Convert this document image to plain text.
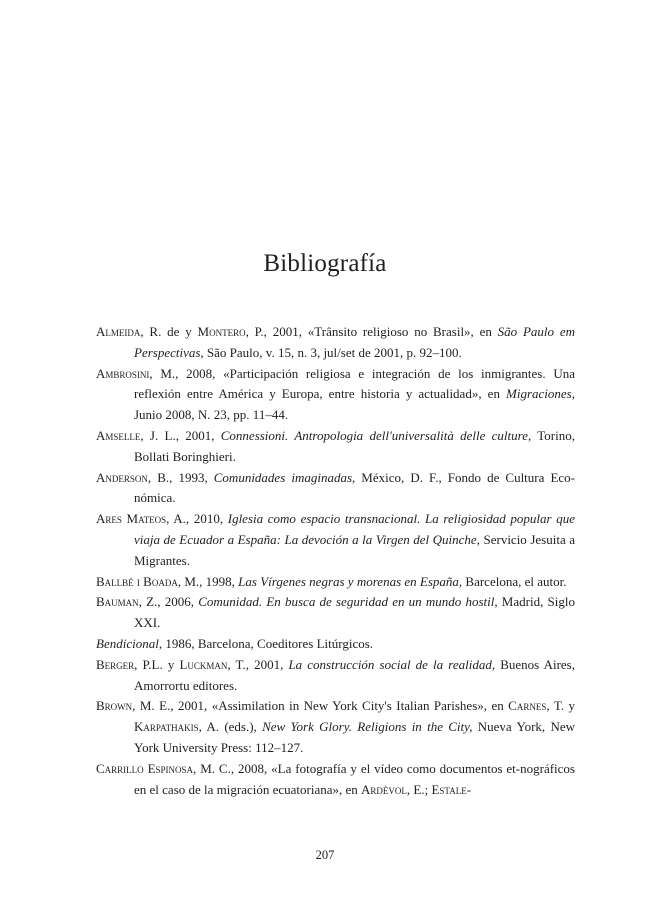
Bibliografía

Almeida, R. de y Montero, P., 2001, «Trânsito religioso no Brasil», en São Paulo em Perspectivas, São Paulo, v. 15, n. 3, jul/set de 2001, p. 92–100.

Ambrosini, M., 2008, «Participación religiosa e integración de los inmigrantes. Una reflexión entre América y Europa, entre historia y actualidad», en Migraciones, Junio 2008, N. 23, pp. 11–44.

Amselle, J. L., 2001, Connessioni. Antropologia dell'universalità delle culture, Torino, Bollati Boringhieri.

Anderson, B., 1993, Comunidades imaginadas, México, D. F., Fondo de Cultura Eco-nómica.

Ares Mateos, A., 2010, Iglesia como espacio transnacional. La religiosidad popular que viaja de Ecuador a España: La devoción a la Virgen del Quinche, Servicio Jesuita a Migrantes.

Ballbé i Boada, M., 1998, Las Vírgenes negras y morenas en España, Barcelona, el autor.

Bauman, Z., 2006, Comunidad. En busca de seguridad en un mundo hostil, Madrid, Siglo XXI.

Bendicional, 1986, Barcelona, Coeditores Litúrgicos.

Berger, P.L. y Luckman, T., 2001, La construcción social de la realidad, Buenos Aires, Amorrortu editores.

Brown, M. E., 2001, «Assimilation in New York City's Italian Parishes», en Carnes, T. y Karpathakis, A. (eds.), New York Glory. Religions in the City, Nueva York, New York University Press: 112–127.

Carrillo Espinosa, M. C., 2008, «La fotografía y el vídeo como documentos et-nográficos en el caso de la migración ecuatoriana», en Ardèvol, E.; Estale-

207
